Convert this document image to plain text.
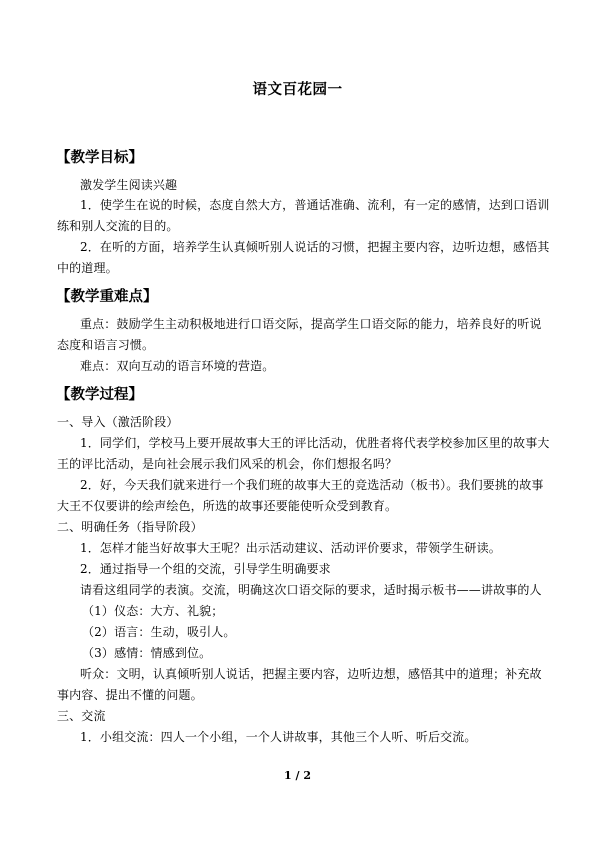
语文百花园一
【教学目标】
激发学生阅读兴趣
1．使学生在说的时候，态度自然大方，普通话准确、流利，有一定的感情，达到口语训
练和别人交流的目的。
2．在听的方面，培养学生认真倾听别人说话的习惯，把握主要内容，边听边想，感悟其
中的道理。
【教学重难点】
重点：鼓励学生主动积极地进行口语交际，提高学生口语交际的能力，培养良好的听说
态度和语言习惯。
难点：双向互动的语言环境的营造。
【教学过程】
一、导入（激活阶段）
1．同学们，学校马上要开展故事大王的评比活动，优胜者将代表学校参加区里的故事大
王的评比活动，是向社会展示我们风采的机会，你们想报名吗？
2．好，今天我们就来进行一个我们班的故事大王的竞选活动（板书）。我们要挑的故事
大王不仅要讲的绘声绘色，所选的故事还要能使听众受到教育。
二、明确任务（指导阶段）
1．怎样才能当好故事大王呢？出示活动建议、活动评价要求，带领学生研读。
2．通过指导一个组的交流，引导学生明确要求
请看这组同学的表演。交流，明确这次口语交际的要求，适时揭示板书——讲故事的人
（1）仪态：大方、礼貌；
（2）语言：生动，吸引人。
（3）感情：情感到位。
听众：文明，认真倾听别人说话，把握主要内容，边听边想，感悟其中的道理；补充故
事内容、提出不懂的问题。
三、交流
1．小组交流：四人一个小组，一个人讲故事，其他三个人听、听后交流。
1 / 2
